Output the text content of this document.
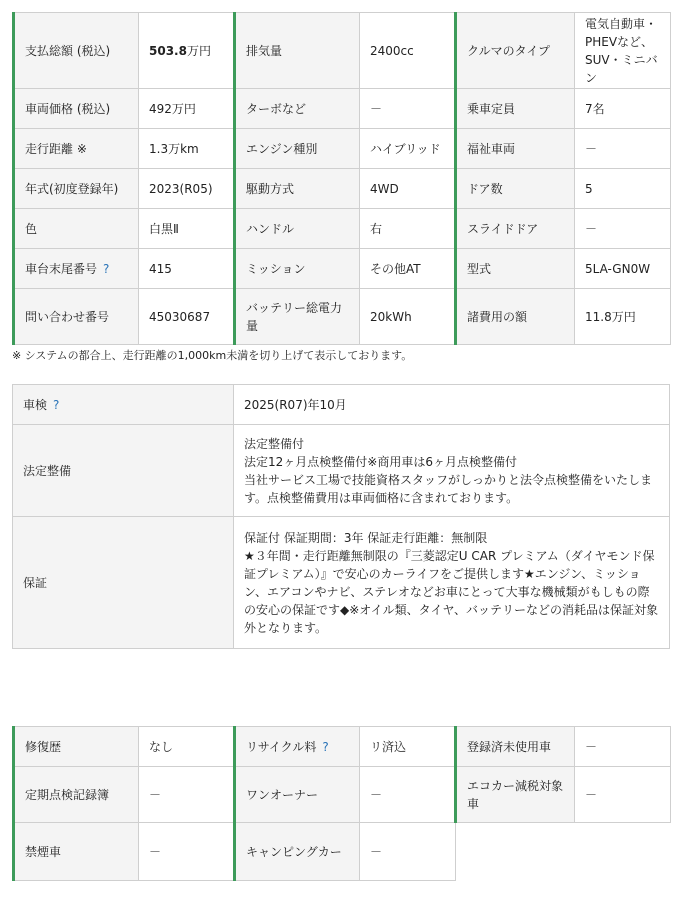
支払総額 (税込)	503.8万円	排気量	2400cc	クルマのタイプ	電気自動車・PHEVなど、SUV・ミニバン
車両価格 (税込)	492万円	ターボなど	－	乗車定員	7名
走行距離 ※	1.3万km	エンジン種別	ハイブリッド	福祉車両	－
年式(初度登録年)	2023(R05)	駆動方式	4WD	ドア数	5
色	白黒Ⅱ	ハンドル	右	スライドドア	－
車台末尾番号 ?	415	ミッション	その他AT	型式	5LA-GN0W
問い合わせ番号	45030687	バッテリー総電力量	20kWh	諸費用の額	11.8万円
※ システムの都合上、走行距離の1,000km未満を切り上げて表示しております。
車検 ?	2025(R07)年10月
法定整備	法定整備付
法定12ヶ月点検整備付※商用車は6ヶ月点検整備付
当社サービス工場で技能資格スタッフがしっかりと法令点検整備をいたします。点検整備費用は車両価格に含まれております。

保証	保証付 保証期間：3年 保証走行距離：無制限
★３年間・走行距離無制限の『三菱認定U CAR プレミアム（ダイヤモンド保証プレミアム）』で安心のカーライフをご提供します★エンジン、ミッション、エアコンやナビ、ステレオなどお車にとって大事な機械類がもしもの際の安心の保証です◆※オイル類、タイヤ、バッテリーなどの消耗品は保証対象外となります。
修復歴	なし	リサイクル料 ?	リ済込	登録済未使用車	－
定期点検記録簿	－	ワンオーナー	－	エコカー減税対象車	－
禁煙車	－	キャンピングカー	－		
